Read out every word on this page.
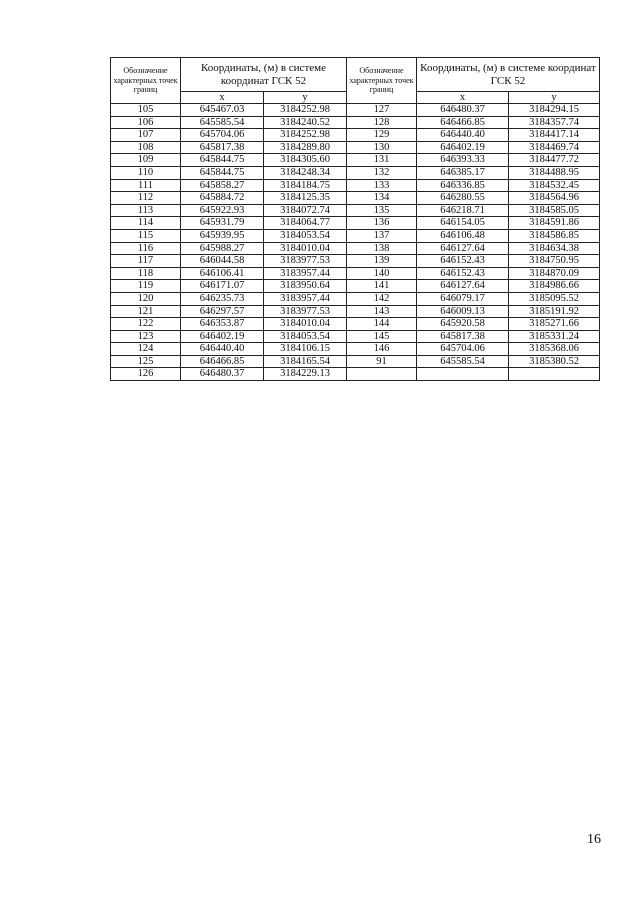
Обозначение характерных точек границ	Координаты, (м) в системе координат ГСК 52		Обозначение характерных точек границ	Координаты, (м) в системе координат ГСК 52	
	x	y		x	y
105	645467.03	3184252.98	127	646480.37	3184294.15
106	645585.54	3184240.52	128	646466.85	3184357.74
107	645704.06	3184252.98	129	646440.40	3184417.14
108	645817.38	3184289.80	130	646402.19	3184469.74
109	645844.75	3184305.60	131	646393.33	3184477.72
110	645844.75	3184248.34	132	646385.17	3184488.95
111	645858.27	3184184.75	133	646336.85	3184532.45
112	645884.72	3184125.35	134	646280.55	3184564.96
113	645922.93	3184072.74	135	646218.71	3184585.05
114	645931.79	3184064.77	136	646154.05	3184591.86
115	645939.95	3184053.54	137	646106.48	3184586.85
116	645988.27	3184010.04	138	646127.64	3184634.38
117	646044.58	3183977.53	139	646152.43	3184750.95
118	646106.41	3183957.44	140	646152.43	3184870.09
119	646171.07	3183950.64	141	646127.64	3184986.66
120	646235.73	3183957.44	142	646079.17	3185095.52
121	646297.57	3183977.53	143	646009.13	3185191.92
122	646353.87	3184010.04	144	645920.58	3185271.66
123	646402.19	3184053.54	145	645817.38	3185331.24
124	646440.40	3184106.15	146	645704.06	3185368.06
125	646466.85	3184165.54	91	645585.54	3185380.52
126	646480.37	3184229.13			
16
